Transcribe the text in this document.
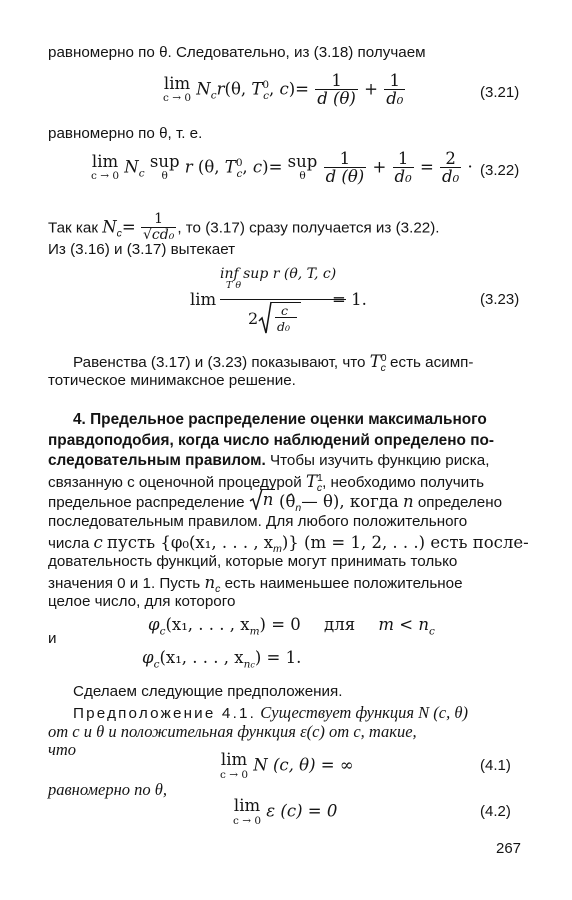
равномерно по θ. Следовательно, из (3.18) получаем
lim
c → 0 $N_cr(\theta$, $T^0_c$, $c)= \frac{1}{d (\theta)} + \frac{1}{\text{d₀}}$	(3.21)
равномерно по θ, т. е.
lim
c → 0 $N_c$ sup
θ	r (θ, $T^0_c$, c)= sup
θ
	$\frac{1}{d (\theta)} + \frac{1}{\text{d₀}} = \frac{2}{\text{d₀}} \cdot (3.22)$
Так как $N_c= \frac{1}{\text{√cd₀}}$ , то (3.17) сразу получается из (3.22).
Из (3.16) и (3.17) вытекает
lim
inf sup r (θ, T, c)
T θ
2 c
d₀
= 1.	(3.23)
Равенства (3.17) и (3.23) показывают, что $T^0_c$ есть асимп-
тотическое минимаксное решение.
4. Предельное распределение оценки максимального
правдоподобия, когда число наблюдений определено по-
следовательным правилом. Чтобы изучить функцию риска,
связанную с оценочной процедурой $T^1_c$, необходимо получить
предельное распределение n ($\thetâ_n—$ θ), когда n определено
последовательным правилом. Для любого положительного
числа c пусть {φ₀(x₁, . . . , $x_m$)} (m = 1, 2, . . .) есть после-
довательность функций, которые могут принимать только
значения 0 и 1. Пусть $n_c$ есть наименьшее положительное
целое число, для которого
$\varphi_c(x_1$, . . . , $x_m) = 0$ для $m < n_c$
и
$\varphi_c(x_1$, . . . , $x_{nc}) = 1$.
Сделаем следующие предположения.
Предположение 4.1. Существует функция N (c, θ)
от с и θ и положительная функция ε(c) от с, такие,
что
lim
c → 0 N (c, θ) = ∞	(4.1)
равномерно по θ,
lim
c → 0 ε (c) = 0	(4.2)
267
